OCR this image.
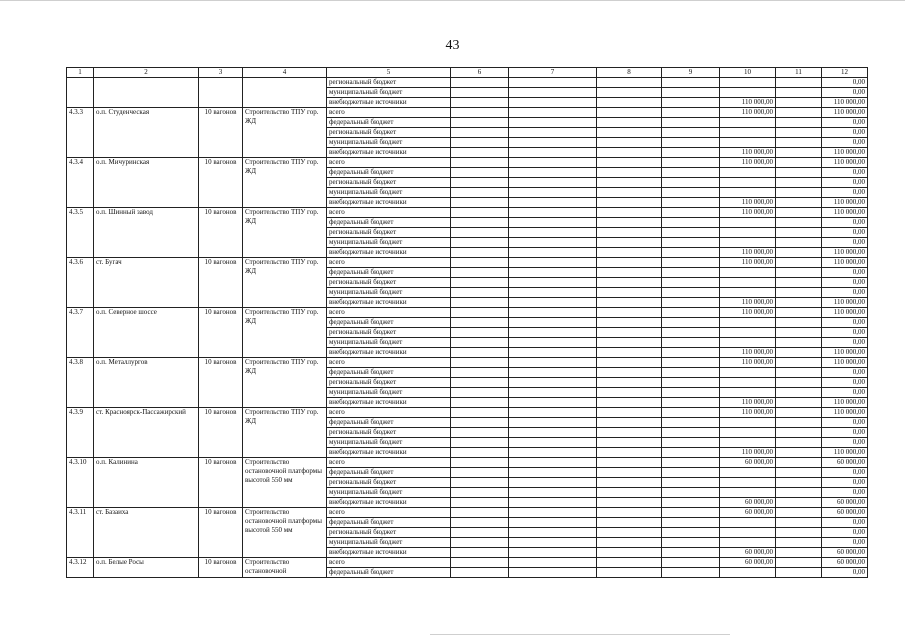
43
1	2	3	4	5	6	7	8	9	10	11	12
				региональный бюджет							0,00
				муниципальный бюджет							0,00
				внебюджетные источники					110 000,00		110 000,00
4.3.3	о.п. Студенческая	10 вагонов	Строительство ТПУ гор. ЖД	всего					110 000,00		110 000,00
				федеральный бюджет							0,00
				региональный бюджет							0,00
				муниципальный бюджет							0,00
				внебюджетные источники					110 000,00		110 000,00
4.3.4	о.п. Мичуринская	10 вагонов	Строительство ТПУ гор. ЖД	всего					110 000,00		110 000,00
				федеральный бюджет							0,00
				региональный бюджет							0,00
				муниципальный бюджет							0,00
				внебюджетные источники					110 000,00		110 000,00
4.3.5	о.п. Шинный завод	10 вагонов	Строительство ТПУ гор. ЖД	всего					110 000,00		110 000,00
				федеральный бюджет							0,00
				региональный бюджет							0,00
				муниципальный бюджет							0,00
				внебюджетные источники					110 000,00		110 000,00
4.3.6	ст. Бугач	10 вагонов	Строительство ТПУ гор. ЖД	всего					110 000,00		110 000,00
				федеральный бюджет							0,00
				региональный бюджет							0,00
				муниципальный бюджет							0,00
				внебюджетные источники					110 000,00		110 000,00
4.3.7	о.п. Северное шоссе	10 вагонов	Строительство ТПУ гор. ЖД	всего					110 000,00		110 000,00
				федеральный бюджет							0,00
				региональный бюджет							0,00
				муниципальный бюджет							0,00
				внебюджетные источники					110 000,00		110 000,00
4.3.8	о.п. Металлургов	10 вагонов	Строительство ТПУ гор. ЖД	всего					110 000,00		110 000,00
				федеральный бюджет							0,00
				региональный бюджет							0,00
				муниципальный бюджет							0,00
				внебюджетные источники					110 000,00		110 000,00
4.3.9	ст. Красноярск-Пассажирский	10 вагонов	Строительство ТПУ гор. ЖД	всего					110 000,00		110 000,00
				федеральный бюджет							0,00
				региональный бюджет							0,00
				муниципальный бюджет							0,00
				внебюджетные источники					110 000,00		110 000,00
4.3.10	о.п. Калинина	10 вагонов	Строительство остановочной платформы высотой 550 мм	всего					60 000,00		60 000,00
				федеральный бюджет							0,00
				региональный бюджет							0,00
				муниципальный бюджет							0,00
				внебюджетные источники					60 000,00		60 000,00
4.3.11	ст. Базаиха	10 вагонов	Строительство остановочной платформы высотой 550 мм	всего					60 000,00		60 000,00
				федеральный бюджет							0,00
				региональный бюджет							0,00
				муниципальный бюджет							0,00
				внебюджетные источники					60 000,00		60 000,00
4.3.12	о.п. Белые Росы	10 вагонов	Строительство остановочной	всего					60 000,00		60 000,00
				федеральный бюджет							0,00
